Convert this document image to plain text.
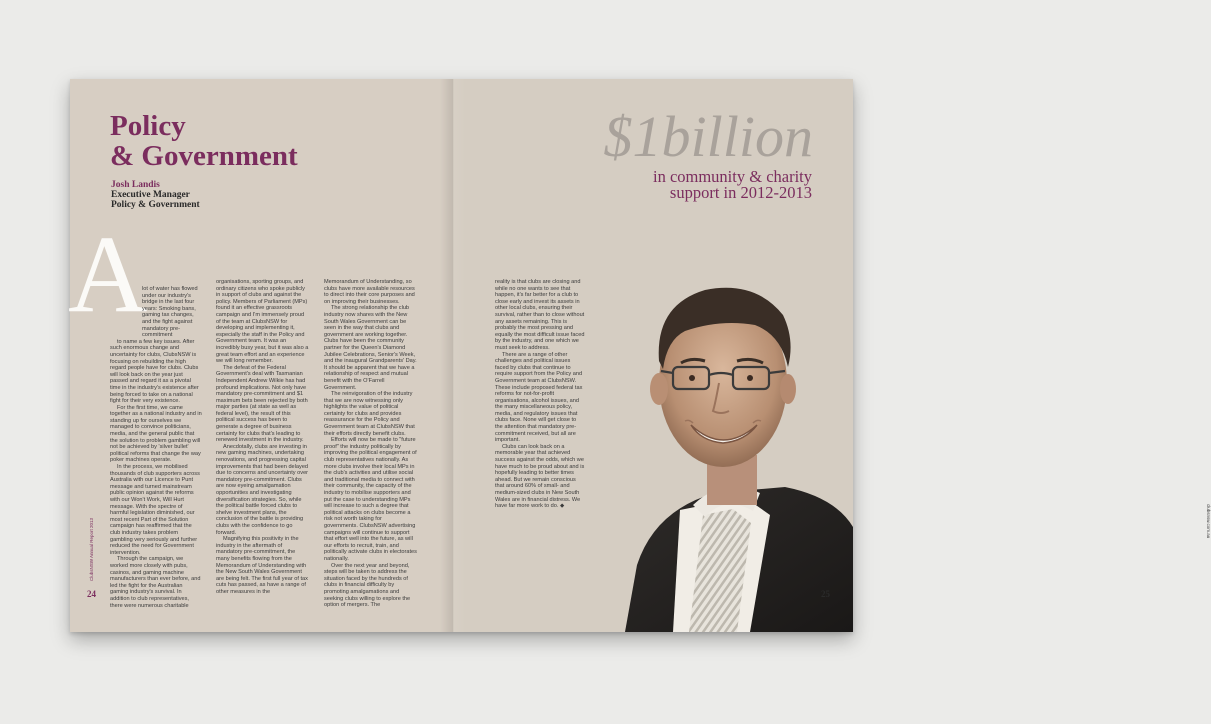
Policy
& Government
Josh Landis
Executive Manager
Policy & Government
A

lot of water has flowed under our industry's bridge in the last four years: Smoking bans, gaming tax changes, and the fight against mandatory pre-commitment

to name a few key issues. After such enormous change and uncertainty for clubs, ClubsNSW is focusing on rebuilding the high regard people have for clubs. Clubs will look back on the year just passed and regard it as a pivotal time in the industry's existence after being forced to take on a national fight for their very existence.

For the first time, we came together as a national industry and in standing up for ourselves we managed to convince politicians, media, and the general public that the solution to problem gambling will not be achieved by 'silver bullet' political reforms that change the way poker machines operate.

In the process, we mobilised thousands of club supporters across Australia with our Licence to Punt message and turned mainstream public opinion against the reforms with our Won't Work, Will Hurt message. With the spectre of harmful legislation diminished, our most recent Part of the Solution campaign has reaffirmed that the club industry takes problem gambling very seriously and further reduced the need for Government intervention.

Through the campaign, we worked more closely with pubs, casinos, and gaming machine manufacturers than ever before, and led the fight for the Australian gaming industry's survival. In addition to club representatives, there were numerous charitable

organisations, sporting groups, and ordinary citizens who spoke publicly in support of clubs and against the policy. Members of Parliament (MPs) found it an effective grassroots campaign and I'm immensely proud of the team at ClubsNSW for developing and implementing it, especially the staff in the Policy and Government team. It was an incredibly busy year, but it was also a great team effort and an experience we will long remember.

The defeat of the Federal Government's deal with Tasmanian Independent Andrew Wilkie has had profound implications. Not only have mandatory pre-commitment and $1 maximum bets been rejected by both major parties (at state as well as federal level), the result of this political success has been to generate a degree of business certainty for clubs that's leading to renewed investment in the industry.

Anecdotally, clubs are investing in new gaming machines, undertaking renovations, and progressing capital improvements that had been delayed due to concerns and uncertainty over mandatory pre-commitment. Clubs are now eyeing amalgamation opportunities and investigating diversification strategies. So, while the political battle forced clubs to shelve investment plans, the conclusion of the battle is providing clubs with the confidence to go forward.

Magnifying this positivity in the industry in the aftermath of mandatory pre-commitment, the many benefits flowing from the Memorandum of Understanding with the New South Wales Government are being felt. The first full year of tax cuts has passed, as have a range of other measures in the

Memorandum of Understanding, so clubs have more available resources to direct into their core purposes and on improving their businesses.

The strong relationship the club industry now shares with the New South Wales Government can be seen in the way that clubs and government are working together. Clubs have been the community partner for the Queen's Diamond Jubilee Celebrations, Senior's Week, and the inaugural Grandparents' Day. It should be apparent that we have a relationship of respect and mutual benefit with the O'Farrell Government.

The reinvigoration of the industry that we are now witnessing only highlights the value of political certainty for clubs and provides reassurance for the Policy and Government team at ClubsNSW that their efforts directly benefit clubs.

Efforts will now be made to "future proof" the industry politically by improving the political engagement of club representatives nationally. As more clubs involve their local MPs in the club's activities and utilise social and traditional media to connect with their community, the capacity of the industry to mobilise supporters and put the case to understanding MPs will increase to such a degree that political attacks on clubs become a risk not worth taking for governments. ClubsNSW advertising campaigns will continue to support that effort well into the future, as will our efforts to recruit, train, and politically activate clubs in electorates nationally.

Over the next year and beyond, steps will be taken to address the situation faced by the hundreds of clubs in financial difficulty by promoting amalgamations and seeking clubs willing to explore the option of mergers. The

ClubsNSW Annual Report 2013
24
$1billion
in community & charity
support in 2012-2013

reality is that clubs are closing and while no one wants to see that happen, it's far better for a club to close early and invest its assets in other local clubs, ensuring their survival, rather than to close without any assets remaining. This is probably the most pressing and equally the most difficult issue faced by the industry, and one which we must seek to address.

There are a range of other challenges and political issues faced by clubs that continue to require support from the Policy and Government team at ClubsNSW. These include proposed federal tax reforms for not-for-profit organisations, alcohol issues, and the many miscellaneous policy, media, and regulatory issues that clubs face. None will get close to the attention that mandatory pre-commitment received, but all are important.

Clubs can look back on a memorable year that achieved success against the odds, which we have much to be proud about and is hopefully leading to better times ahead. But we remain conscious that around 60% of small- and medium-sized clubs in New South Wales are in financial distress. We have far more work to do. ◆	clubsnsw.com.au
25
